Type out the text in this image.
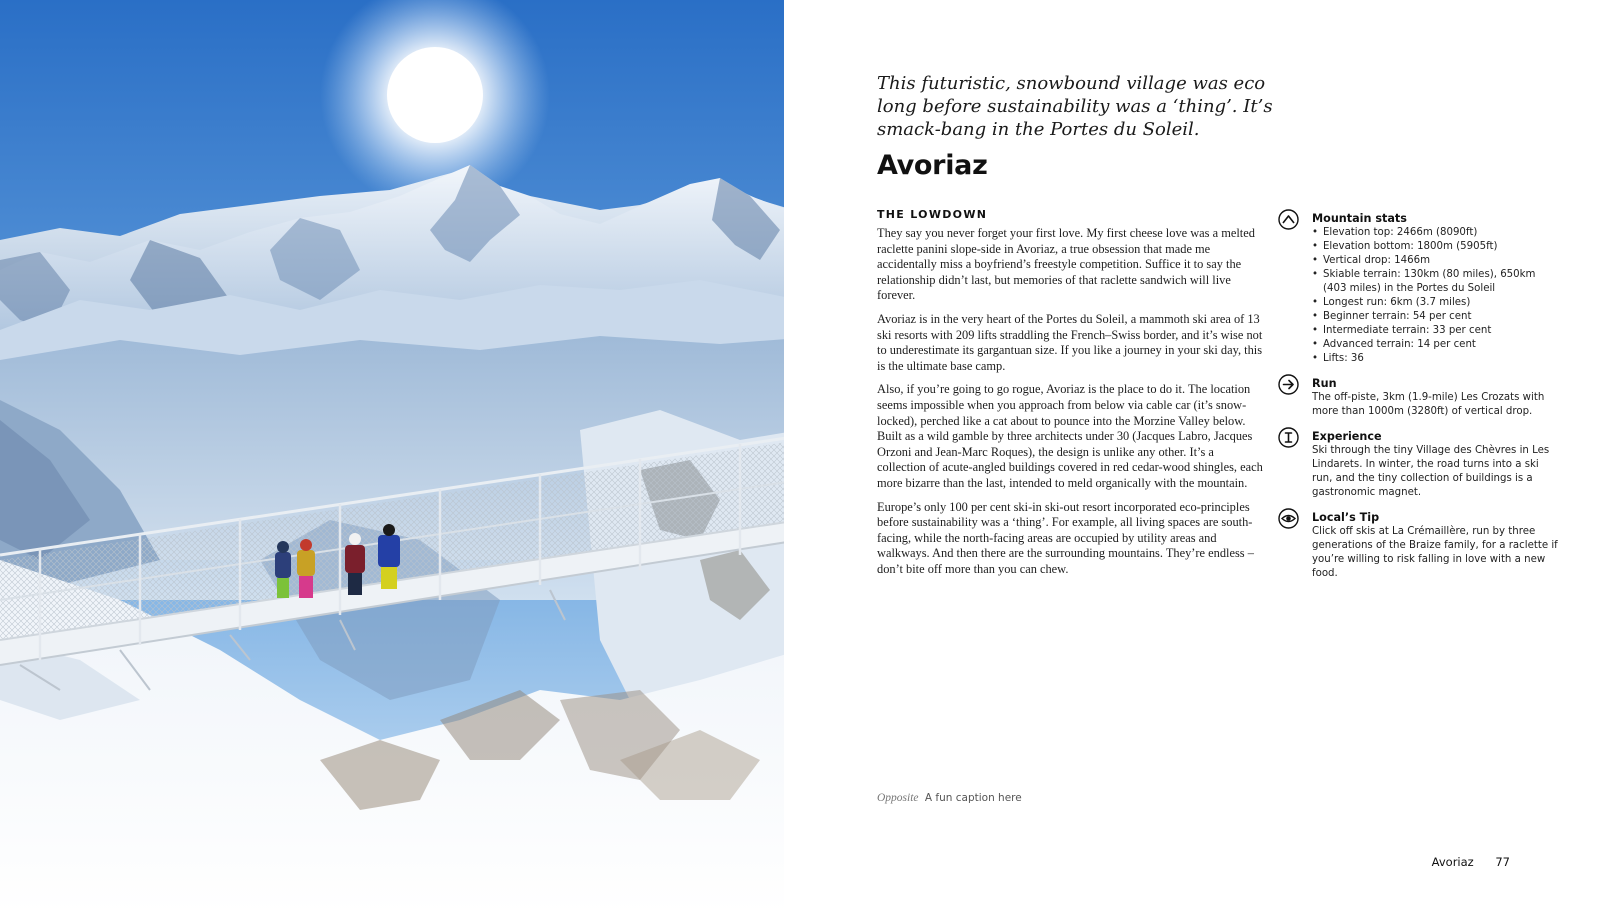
This futuristic, snowbound village was eco long before sustainability was a ‘thing’. It’s smack-bang in the Portes du Soleil.
Avoriaz
THE LOWDOWN

They say you never forget your first love. My first cheese love was a melted raclette panini slope-side in Avoriaz, a true obsession that made me accidentally miss a boyfriend’s freestyle competition. Suffice it to say the relationship didn’t last, but memories of that raclette sandwich will live forever.

Avoriaz is in the very heart of the Portes du Soleil, a mammoth ski area of 13 ski resorts with 209 lifts straddling the French–Swiss border, and it’s wise not to underestimate its gargantuan size. If you like a journey in your ski day, this is the ultimate base camp.

Also, if you’re going to go rogue, Avoriaz is the place to do it. The location seems impossible when you approach from below via cable car (it’s snow-locked), perched like a cat about to pounce into the Morzine Valley below. Built as a wild gamble by three architects under 30 (Jacques Labro, Jacques Orzoni and Jean-Marc Roques), the design is unlike any other. It’s a collection of acute-angled buildings covered in red cedar-wood shingles, each more bizarre than the last, intended to meld organically with the mountain.

Europe’s only 100 per cent ski-in ski-out resort incorporated eco-principles before sustainability was a ‘thing’. For example, all living spaces are south-facing, while the north-facing areas are occupied by utility areas and walkways. And then there are the surrounding mountains. They’re endless – don’t bite off more than you can chew.

Mountain stats
• Elevation top: 2466m (8090ft)
• Elevation bottom: 1800m (5905ft)
• Vertical drop: 1466m
• Skiable terrain: 130km (80 miles), 650km (403 miles) in the Portes du Soleil
• Longest run: 6km (3.7 miles)
• Beginner terrain: 54 per cent
• Intermediate terrain: 33 per cent
• Advanced terrain: 14 per cent
• Lifts: 36
Run
The off-piste, 3km (1.9-mile) Les Crozats with more than 1000m (3280ft) of vertical drop.
Experience
Ski through the tiny Village des Chèvres in Les Lindarets. In winter, the road turns into a ski run, and the tiny collection of buildings is a gastronomic magnet.
Local’s Tip
Click off skis at La Crémaillère, run by three generations of the Braize family, for a raclette if you’re willing to risk falling in love with a new food.
Opposite A fun caption here
Avoriaz 77
